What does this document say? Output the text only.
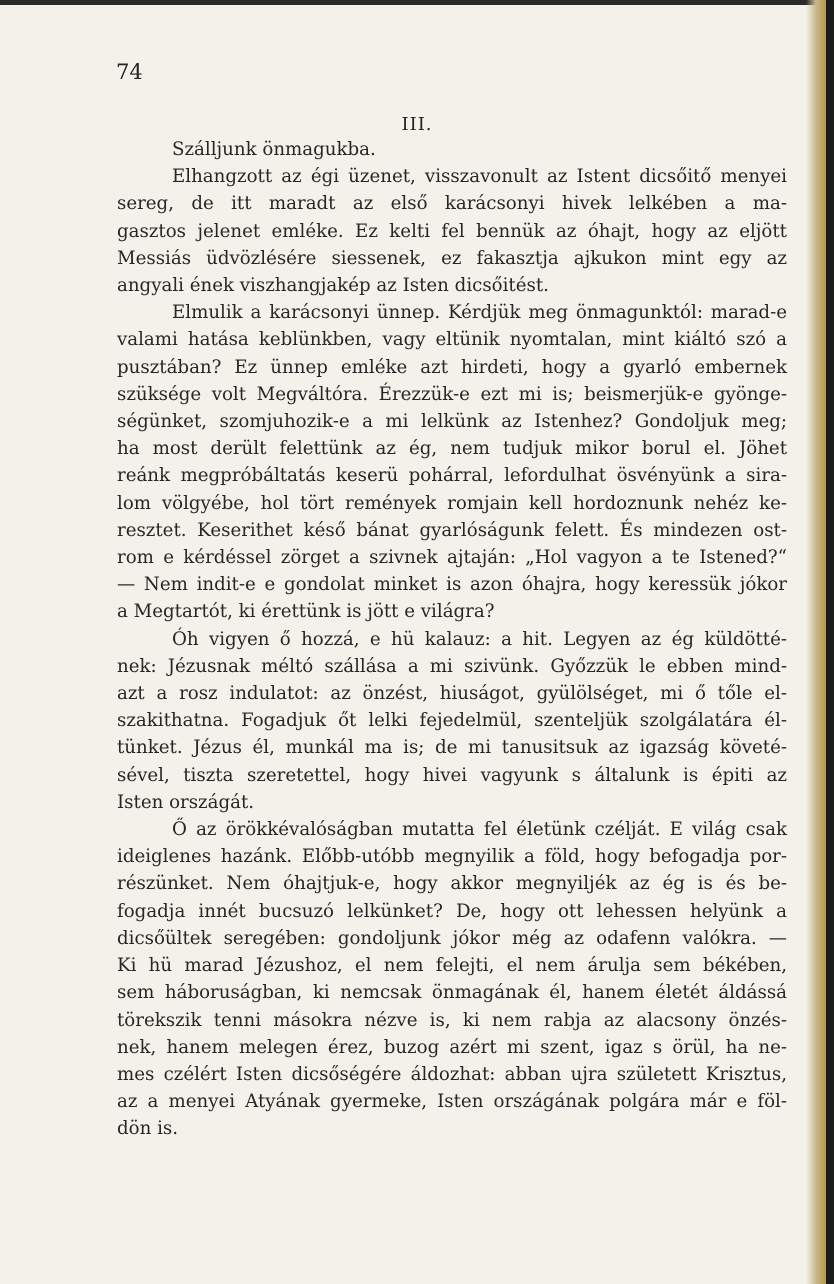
74
III.
Szálljunk önmagukba.
Elhangzott az égi üzenet, visszavonult az Istent dicsőitő menyei
sereg, de itt maradt az első karácsonyi hivek lelkében a ma-
gasztos jelenet emléke. Ez kelti fel bennük az óhajt, hogy az eljött
Messiás üdvözlésére siessenek, ez fakasztja ajkukon mint egy az
angyali ének viszhangjakép az Isten dicsőitést.
Elmulik a karácsonyi ünnep. Kérdjük meg önmagunktól: marad-e
valami hatása keblünkben, vagy eltünik nyomtalan, mint kiáltó szó a
pusztában? Ez ünnep emléke azt hirdeti, hogy a gyarló embernek
szüksége volt Megváltóra. Érezzük-e ezt mi is; beismerjük-e gyönge-
ségünket, szomjuhozik-e a mi lelkünk az Istenhez? Gondoljuk meg;
ha most derült felettünk az ég, nem tudjuk mikor borul el. Jöhet
reánk megpróbáltatás keserü pohárral, lefordulhat ösvényünk a sira-
lom völgyébe, hol tört remények romjain kell hordoznunk nehéz ke-
resztet. Keserithet késő bánat gyarlóságunk felett. És mindezen ost-
rom e kérdéssel zörget a szivnek ajtaján: „Hol vagyon a te Istened?“
— Nem indit-e e gondolat minket is azon óhajra, hogy keressük jókor
a Megtartót, ki érettünk is jött e világra?
Óh vigyen ő hozzá, e hü kalauz: a hit. Legyen az ég küldötté-
nek: Jézusnak méltó szállása a mi szivünk. Győzzük le ebben mind-
azt a rosz indulatot: az önzést, hiuságot, gyülölséget, mi ő tőle el-
szakithatna. Fogadjuk őt lelki fejedelmül, szenteljük szolgálatára él-
tünket. Jézus él, munkál ma is; de mi tanusitsuk az igazság követé-
sével, tiszta szeretettel, hogy hivei vagyunk s általunk is épiti az
Isten országát.
Ő az örökkévalóságban mutatta fel életünk czélját. E világ csak
ideiglenes hazánk. Előbb-utóbb megnyilik a föld, hogy befogadja por-
részünket. Nem óhajtjuk-e, hogy akkor megnyiljék az ég is és be-
fogadja innét bucsuzó lelkünket? De, hogy ott lehessen helyünk a
dicsőültek seregében: gondoljunk jókor még az odafenn valókra. —
Ki hü marad Jézushoz, el nem felejti, el nem árulja sem békében,
sem háboruságban, ki nemcsak önmagának él, hanem életét áldássá
törekszik tenni másokra nézve is, ki nem rabja az alacsony önzés-
nek, hanem melegen érez, buzog azért mi szent, igaz s örül, ha ne-
mes czélért Isten dicsőségére áldozhat: abban ujra született Krisztus,
az a menyei Atyának gyermeke, Isten országának polgára már e föl-
dön is.
